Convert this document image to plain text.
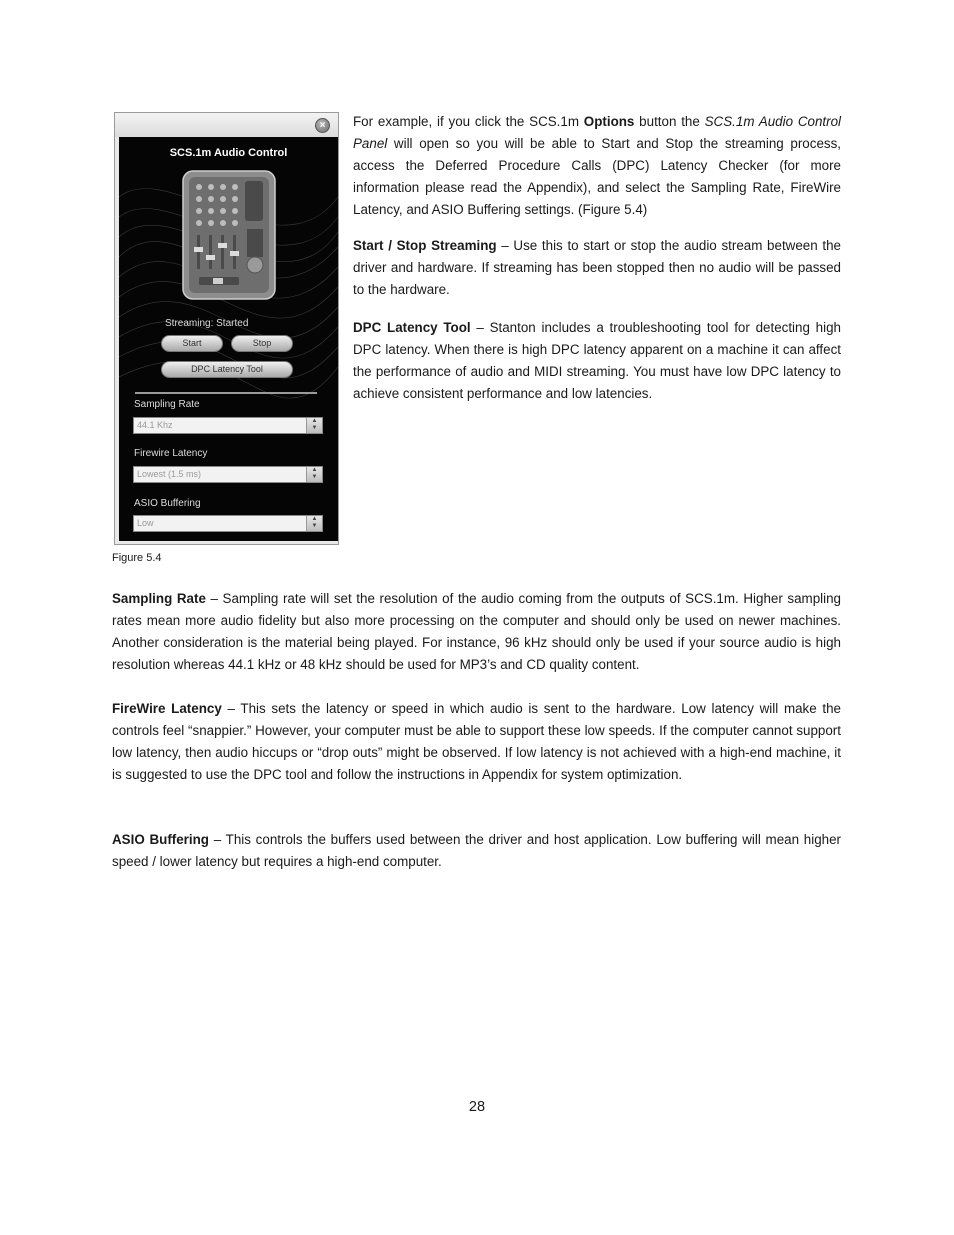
×
SCS.1m Audio Control
Streaming: Started
Start	Stop
DPC Latency Tool
Sampling Rate
44.1 Khz	▲
▼
Firewire Latency
Lowest (1.5 ms)	▲
▼
ASIO Buffering
Low	▲
▼
Figure 5.4
For example, if you click the SCS.1m Options button the SCS.1m Audio Control Panel will open so you will be able to Start and Stop the streaming process, access the Deferred Procedure Calls (DPC) Latency Checker (for more information please read the Appendix), and select the Sampling Rate, FireWire Latency, and ASIO Buffering settings. (Figure 5.4)
Start / Stop Streaming – Use this to start or stop the audio stream between the driver and hardware. If streaming has been stopped then no audio will be passed to the hardware.
DPC Latency Tool – Stanton includes a troubleshooting tool for detecting high DPC latency. When there is high DPC latency apparent on a machine it can affect the performance of audio and MIDI streaming. You must have low DPC latency to achieve consistent performance and low latencies.
Sampling Rate – Sampling rate will set the resolution of the audio coming from the outputs of SCS.1m. Higher sampling rates mean more audio fidelity but also more processing on the computer and should only be used on newer machines. Another consideration is the material being played. For instance, 96 kHz should only be used if your source audio is high resolution whereas 44.1 kHz or 48 kHz should be used for MP3’s and CD quality content.
FireWire Latency – This sets the latency or speed in which audio is sent to the hardware. Low latency will make the controls feel “snappier.” However, your computer must be able to support these low speeds. If the computer cannot support low latency, then audio hiccups or “drop outs” might be observed. If low latency is not achieved with a high-end machine, it is suggested to use the DPC tool and follow the instructions in Appendix for system optimization.
ASIO Buffering – This controls the buffers used between the driver and host application. Low buffering will mean higher speed / lower latency but requires a high-end computer.
28
